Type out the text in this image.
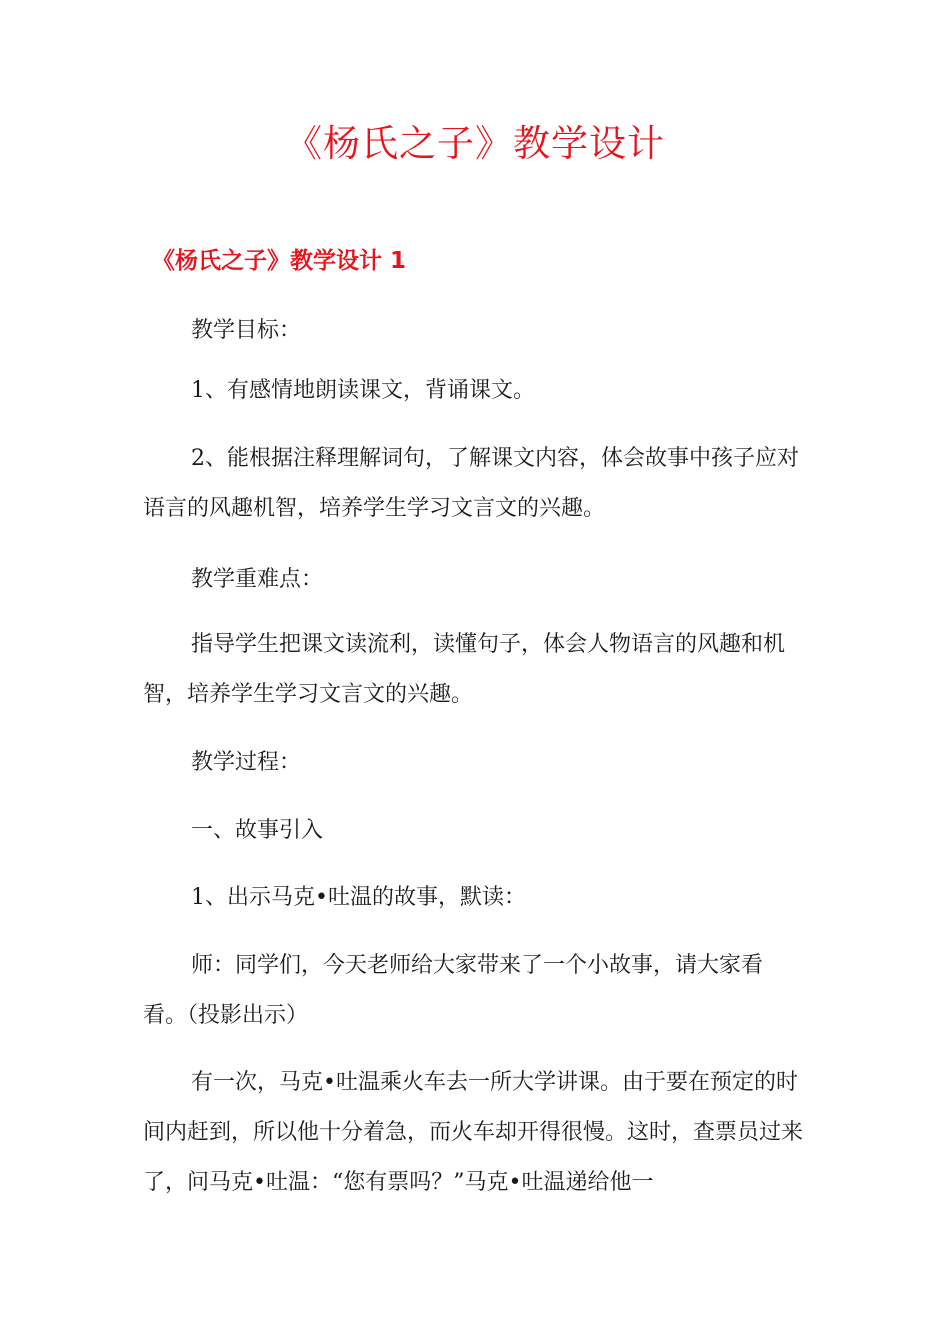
《杨氏之子》教学设计
《杨氏之子》教学设计 1

教学目标：

1、有感情地朗读课文，背诵课文。

2、能根据注释理解词句，了解课文内容，体会故事中孩子应对语言的风趣机智，培养学生学习文言文的兴趣。

教学重难点：

指导学生把课文读流利，读懂句子，体会人物语言的风趣和机智，培养学生学习文言文的兴趣。

教学过程：

一、故事引入

1、出示马克•吐温的故事，默读：

师：同学们，今天老师给大家带来了一个小故事，请大家看看。（投影出示）

有一次，马克•吐温乘火车去一所大学讲课。由于要在预定的时间内赶到，所以他十分着急，而火车却开得很慢。这时，查票员过来了，问马克•吐温：“您有票吗？”马克•吐温递给他一
